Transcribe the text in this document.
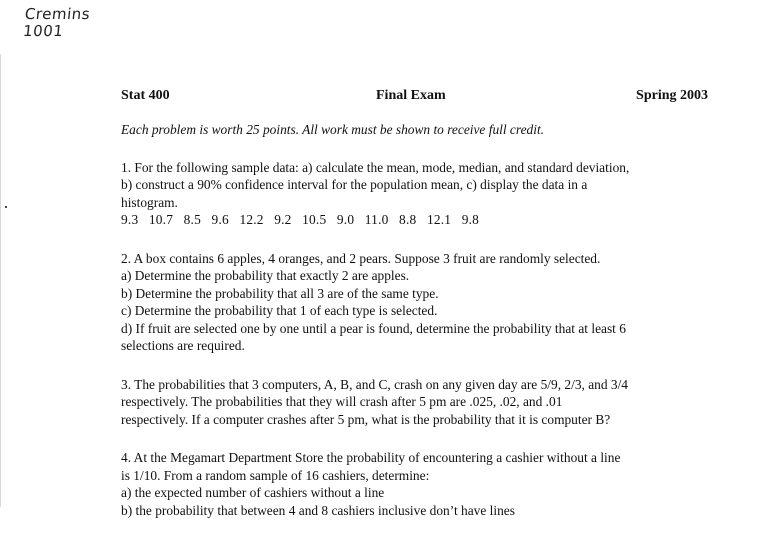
Cremins
1001
Stat 400	Final Exam	Spring 2003

Each problem is worth 25 points. All work must be shown to receive full credit.

1. For the following sample data: a) calculate the mean, mode, median, and standard deviation,

b) construct a 90% confidence interval for the population mean, c) display the data in a

histogram.

9.3 10.7 8.5 9.6 12.2 9.2 10.5 9.0 11.0 8.8 12.1 9.8

2. A box contains 6 apples, 4 oranges, and 2 pears. Suppose 3 fruit are randomly selected.

a) Determine the probability that exactly 2 are apples.

b) Determine the probability that all 3 are of the same type.

c) Determine the probability that 1 of each type is selected.

d) If fruit are selected one by one until a pear is found, determine the probability that at least 6

selections are required.

3. The probabilities that 3 computers, A, B, and C, crash on any given day are 5/9, 2/3, and 3/4

respectively. The probabilities that they will crash after 5 pm are .025, .02, and .01

respectively. If a computer crashes after 5 pm, what is the probability that it is computer B?

4. At the Megamart Department Store the probability of encountering a cashier without a line

is 1/10. From a random sample of 16 cashiers, determine:

a) the expected number of cashiers without a line

b) the probability that between 4 and 8 cashiers inclusive don’t have lines
